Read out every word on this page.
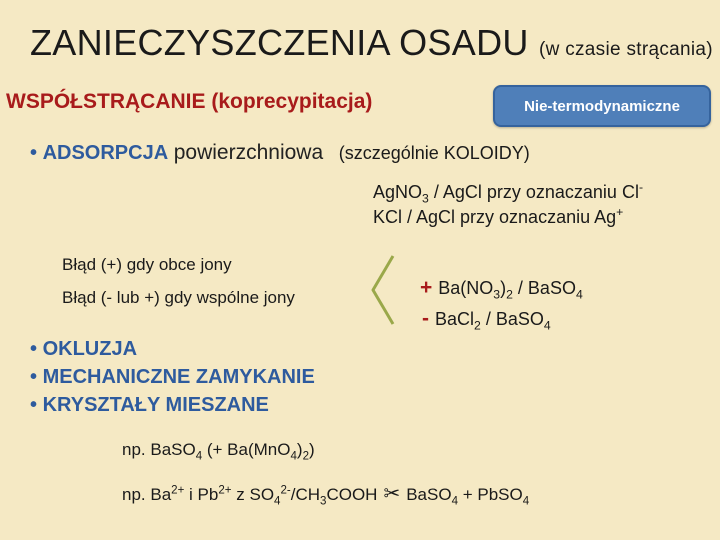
ZANIECZYSZCZENIA OSADU (w czasie strącania)
WSPÓŁSTRĄCANIE (koprecypitacja)	Nie-termodynamiczne
• ADSORPCJA powierzchniowa (szczególnie KOLOIDY)
AgNO$_3$ / AgCl przy oznaczaniu Cl-
KCl / AgCl przy oznaczaniu Ag+
Błąd (+) gdy obce jony
Błąd (- lub +) gdy wspólne jony	+ $Ba(NO_3)_2$ / BaSO$_4$
- BaCl$_2$ / BaSO$_4$
• OKLUZJA
• MECHANICZNE ZAMYKANIE
• KRYSZTAŁY MIESZANE
np. BaSO$_4$ (+ $Ba(MnO_4)_2$)
np. $Ba^{2+}$ i $Pb^{2+}$ z $SO_4^{2-}/CH_3COOH$ ✂ BaSO$_4$ + PbSO$_4$
